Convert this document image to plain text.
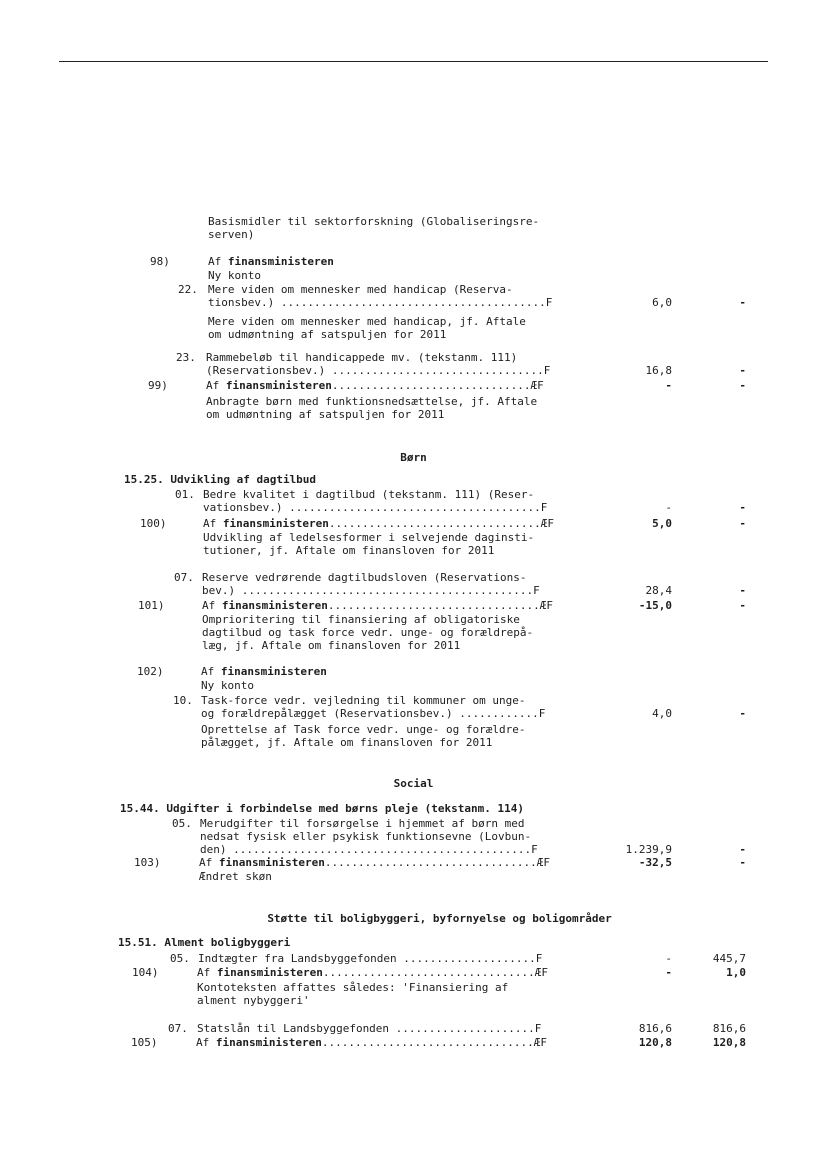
Basismidler til sektorforskning (Globaliseringsre-
serven)
98)	Af finansministeren
Ny konto
22. Mere viden om mennesker med handicap (Reserva-
tionsbev.) ........................................F	6,0	-
Mere viden om mennesker med handicap, jf. Aftale
om udmøntning af satspuljen for 2011
23. Rammebeløb til handicappede mv. (tekstanm. 111)
(Reservationsbev.) ................................F	16,8	-
99)	Af finansministeren..............................ÆF	-	-
Anbragte børn med funktionsnedsættelse, jf. Aftale
om udmøntning af satspuljen for 2011
Børn
15.25. Udvikling af dagtilbud
01. Bedre kvalitet i dagtilbud (tekstanm. 111) (Reser-
vationsbev.) ......................................F	-	-
100)	Af finansministeren................................ÆF	5,0	-
Udvikling af ledelsesformer i selvejende daginsti-
tutioner, jf. Aftale om finansloven for 2011
07. Reserve vedrørende dagtilbudsloven (Reservations-
bev.) ............................................F	28,4	-
101)	Af finansministeren................................ÆF	-15,0	-
Omprioritering til finansiering af obligatoriske
dagtilbud og task force vedr. unge- og forældrepå-
læg, jf. Aftale om finansloven for 2011
102)	Af finansministeren
Ny konto
10. Task-force vedr. vejledning til kommuner om unge-
og forældrepålægget (Reservationsbev.) ............F	4,0	-
Oprettelse af Task force vedr. unge- og forældre-
pålægget, jf. Aftale om finansloven for 2011
Social
15.44. Udgifter i forbindelse med børns pleje (tekstanm. 114)
05. Merudgifter til forsørgelse i hjemmet af børn med
nedsat fysisk eller psykisk funktionsevne (Lovbun-
den) .............................................F	1.239,9	-
103)	Af finansministeren................................ÆF	-32,5	-
Ændret skøn
Støtte til boligbyggeri, byfornyelse og boligområder
15.51. Alment boligbyggeri
05. Indtægter fra Landsbyggefonden ....................F	-	445,7
104)	Af finansministeren................................ÆF	-	1,0
Kontoteksten affattes således: 'Finansiering af
alment nybyggeri'
07. Statslån til Landsbyggefonden .....................F	816,6	816,6
105)	Af finansministeren................................ÆF	120,8	120,8
